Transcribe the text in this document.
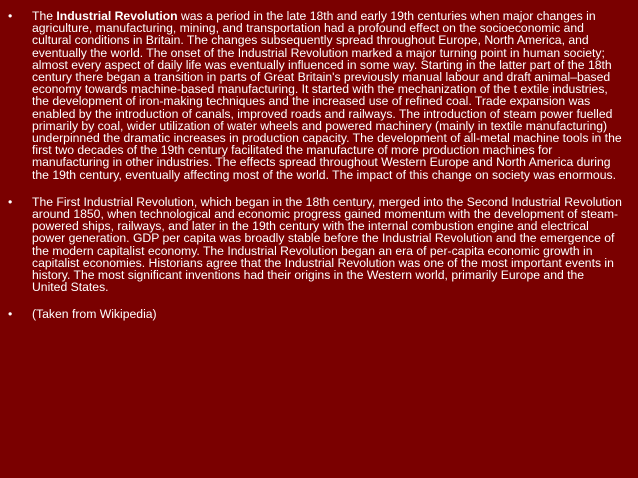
• The Industrial Revolution was a period in the late 18th and early 19th centuries when major changes in agriculture, manufacturing, mining, and transportation had a profound effect on the socioeconomic and cultural conditions in Britain. The changes subsequently spread throughout Europe, North America, and eventually the world. The onset of the Industrial Revolution marked a major turning point in human society; almost every aspect of daily life was eventually influenced in some way. Starting in the latter part of the 18th century there began a transition in parts of Great Britain's previously manual labour and draft animal–based economy towards machine-based manufacturing. It started with the mechanization of the t extile industries, the development of iron-making techniques and the increased use of refined coal. Trade expansion was enabled by the introduction of canals, improved roads and railways. The introduction of steam power fuelled primarily by coal, wider utilization of water wheels and powered machinery (mainly in textile manufacturing) underpinned the dramatic increases in production capacity. The development of all-metal machine tools in the first two decades of the 19th century facilitated the manufacture of more production machines for manufacturing in other industries. The effects spread throughout Western Europe and North America during the 19th century, eventually affecting most of the world. The impact of this change on society was enormous.
• The First Industrial Revolution, which began in the 18th century, merged into the Second Industrial Revolution around 1850, when technological and economic progress gained momentum with the development of steam-powered ships, railways, and later in the 19th century with the internal combustion engine and electrical power generation. GDP per capita was broadly stable before the Industrial Revolution and the emergence of the modern capitalist economy. The Industrial Revolution began an era of per-capita economic growth in capitalist economies. Historians agree that the Industrial Revolution was one of the most important events in history. The most significant inventions had their origins in the Western world, primarily Europe and the United States.
• (Taken from Wikipedia)
